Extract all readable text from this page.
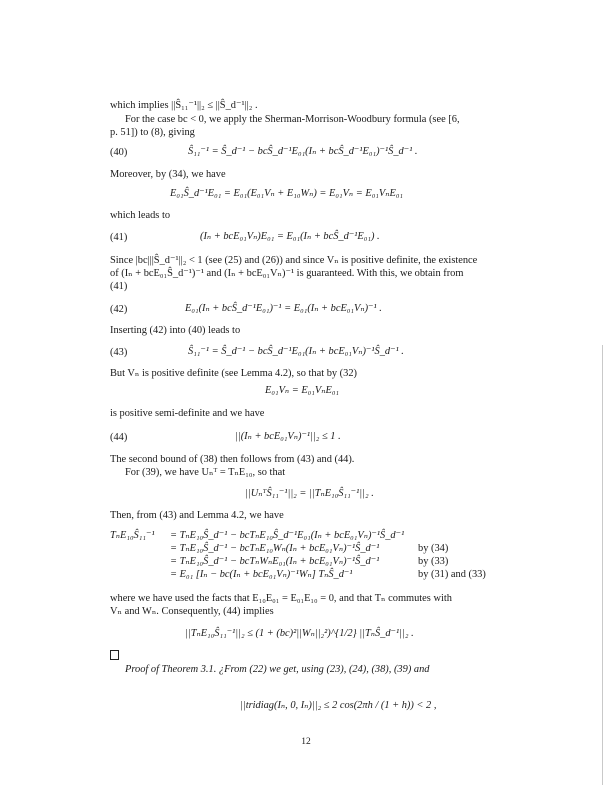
which implies ||Ŝ₁₁⁻¹||₂ ≤ ||Ŝ_d⁻¹||₂ .
For the case bc < 0, we apply the Sherman-Morrison-Woodbury formula (see [6,
p. 51]) to (8), giving
(40)	Ŝ₁₁⁻¹ = Ŝ_d⁻¹ − bcŜ_d⁻¹E₀₁(Iₙ + bcŜ_d⁻¹E₀₁)⁻¹Ŝ_d⁻¹ .
Moreover, by (34), we have
E₀₁Ŝ_d⁻¹E₀₁ = E₀₁(E₀₁Vₙ + E₁₀Wₙ) = E₀₁Vₙ = E₀₁VₙE₀₁
which leads to
(41)	(Iₙ + bcE₀₁Vₙ)E₀₁ = E₀₁(Iₙ + bcŜ_d⁻¹E₀₁) .
Since |bc|||Ŝ_d⁻¹||₂ < 1 (see (25) and (26)) and since Vₙ is positive definite, the existence
of (Iₙ + bcE₀₁Ŝ_d⁻¹)⁻¹ and (Iₙ + bcE₀₁Vₙ)⁻¹ is guaranteed. With this, we obtain from
(41)
(42)	E₀₁(Iₙ + bcŜ_d⁻¹E₀₁)⁻¹ = E₀₁(Iₙ + bcE₀₁Vₙ)⁻¹ .
Inserting (42) into (40) leads to
(43)	Ŝ₁₁⁻¹ = Ŝ_d⁻¹ − bcŜ_d⁻¹E₀₁(Iₙ + bcE₀₁Vₙ)⁻¹Ŝ_d⁻¹ .
But Vₙ is positive definite (see Lemma 4.2), so that by (32)
E₀₁Vₙ = E₀₁VₙE₀₁
is positive semi-definite and we have
(44)	||(Iₙ + bcE₀₁Vₙ)⁻¹||₂ ≤ 1 .
The second bound of (38) then follows from (43) and (44).
For (39), we have Uₙᵀ = TₙE₁₀, so that
||UₙᵀŜ₁₁⁻¹||₂ = ||TₙE₁₀Ŝ₁₁⁻¹||₂ .
Then, from (43) and Lemma 4.2, we have
TₙE₁₀Ŝ₁₁⁻¹ = TₙE₁₀Ŝ_d⁻¹ − bcTₙE₁₀Ŝ_d⁻¹E₀₁(Iₙ + bcE₀₁Vₙ)⁻¹Ŝ_d⁻¹
= TₙE₁₀Ŝ_d⁻¹ − bcTₙE₁₀Wₙ(Iₙ + bcE₀₁Vₙ)⁻¹Ŝ_d⁻¹	by (34)
= TₙE₁₀Ŝ_d⁻¹ − bcTₙWₙE₀₁(Iₙ + bcE₀₁Vₙ)⁻¹Ŝ_d⁻¹	by (33)
= E₀₁ [Iₙ − bc(Iₙ + bcE₀₁Vₙ)⁻¹Wₙ] TₙŜ_d⁻¹	by (31) and (33)
where we have used the facts that E₁₀E₀₁ = E₀₁E₁₀ = 0, and that Tₙ commutes with
Vₙ and Wₙ. Consequently, (44) implies
||TₙE₁₀Ŝ₁₁⁻¹||₂ ≤ (1 + (bc)²||Wₙ||₂²)^{1/2} ||TₙŜ_d⁻¹||₂ .
Proof of Theorem 3.1. ¿From (22) we get, using (23), (24), (38), (39) and
||tridiag(Iₙ, 0, Iₙ)||₂ ≤ 2 cos(2πh / (1 + h)) < 2 ,
12
